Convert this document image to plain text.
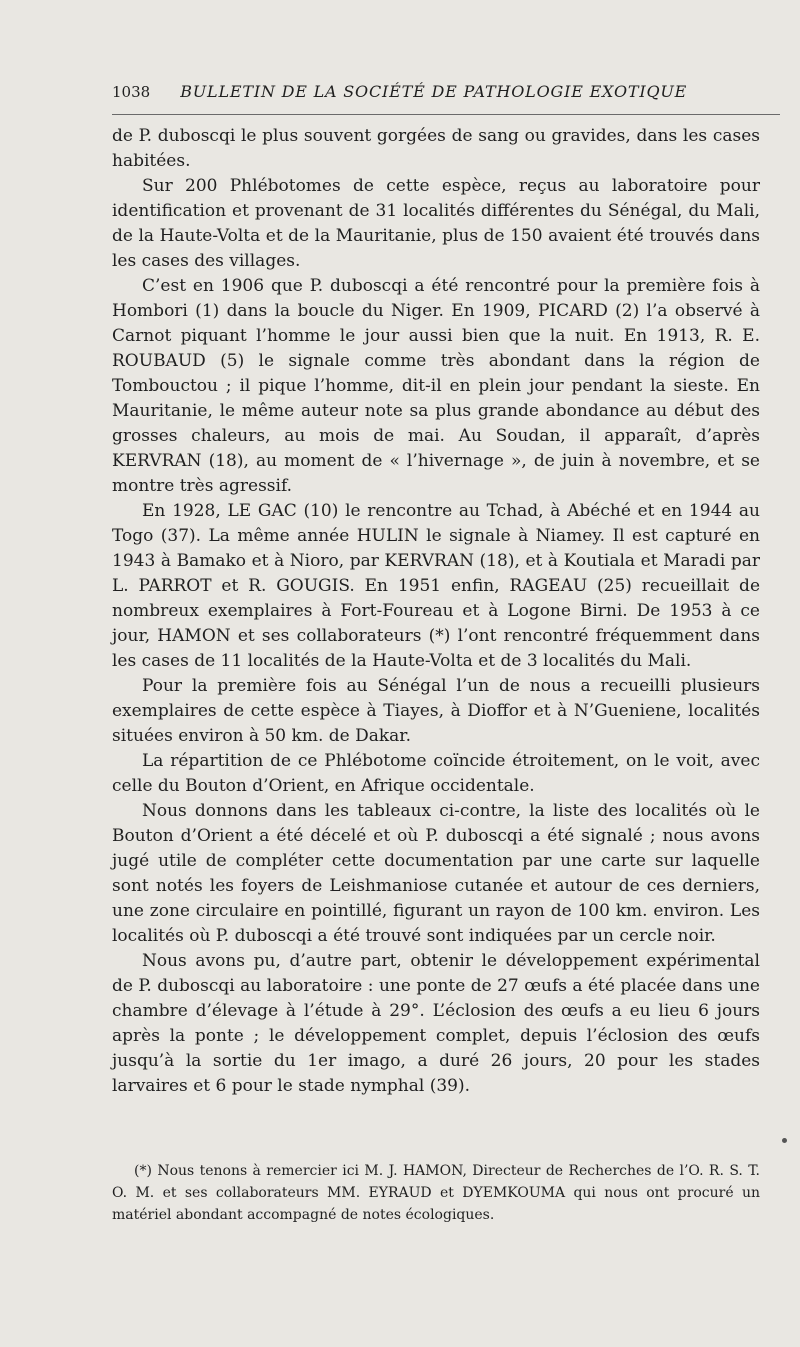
1038 BULLETIN DE LA SOCIÉTÉ DE PATHOLOGIE EXOTIQUE

de P. duboscqi le plus souvent gorgées de sang ou gravides, dans les cases habitées.

Sur 200 Phlébotomes de cette espèce, reçus au laboratoire pour identification et provenant de 31 localités différentes du Sénégal, du Mali, de la Haute-Volta et de la Mauritanie, plus de 150 avaient été trouvés dans les cases des villages.

C’est en 1906 que P. duboscqi a été rencontré pour la première fois à Hombori (1) dans la boucle du Niger. En 1909, PICARD (2) l’a observé à Carnot piquant l’homme le jour aussi bien que la nuit. En 1913, R. E. ROUBAUD (5) le signale comme très abondant dans la région de Tombouctou ; il pique l’homme, dit-il en plein jour pendant la sieste. En Mauritanie, le même auteur note sa plus grande abondance au début des grosses chaleurs, au mois de mai. Au Soudan, il apparaît, d’après KERVRAN (18), au moment de « l’hivernage », de juin à novembre, et se montre très agressif.

En 1928, LE GAC (10) le rencontre au Tchad, à Abéché et en 1944 au Togo (37). La même année HULIN le signale à Niamey. Il est capturé en 1943 à Bamako et à Nioro, par KERVRAN (18), et à Koutiala et Maradi par L. PARROT et R. GOUGIS. En 1951 enfin, RAGEAU (25) recueillait de nombreux exemplaires à Fort-Foureau et à Logone Birni. De 1953 à ce jour, HAMON et ses collaborateurs (*) l’ont rencontré fréquemment dans les cases de 11 localités de la Haute-Volta et de 3 localités du Mali.

Pour la première fois au Sénégal l’un de nous a recueilli plusieurs exemplaires de cette espèce à Tiayes, à Dioffor et à N’Gueniene, localités situées environ à 50 km. de Dakar.

La répartition de ce Phlébotome coïncide étroitement, on le voit, avec celle du Bouton d’Orient, en Afrique occidentale.

Nous donnons dans les tableaux ci-contre, la liste des localités où le Bouton d’Orient a été décelé et où P. duboscqi a été signalé ; nous avons jugé utile de compléter cette documentation par une carte sur laquelle sont notés les foyers de Leishmaniose cutanée et autour de ces derniers, une zone circulaire en pointillé, figurant un rayon de 100 km. environ. Les localités où P. duboscqi a été trouvé sont indiquées par un cercle noir.

Nous avons pu, d’autre part, obtenir le développement expérimental de P. duboscqi au laboratoire : une ponte de 27 œufs a été placée dans une chambre d’élevage à l’étude à 29°. L’éclosion des œufs a eu lieu 6 jours après la ponte ; le développement complet, depuis l’éclosion des œufs jusqu’à la sortie du 1er imago, a duré 26 jours, 20 pour les stades larvaires et 6 pour le stade nymphal (39).

(*) Nous tenons à remercier ici M. J. HAMON, Directeur de Recherches de l’O. R. S. T. O. M. et ses collaborateurs MM. EYRAUD et DYEMKOUMA qui nous ont procuré un matériel abondant accompagné de notes écologiques.
